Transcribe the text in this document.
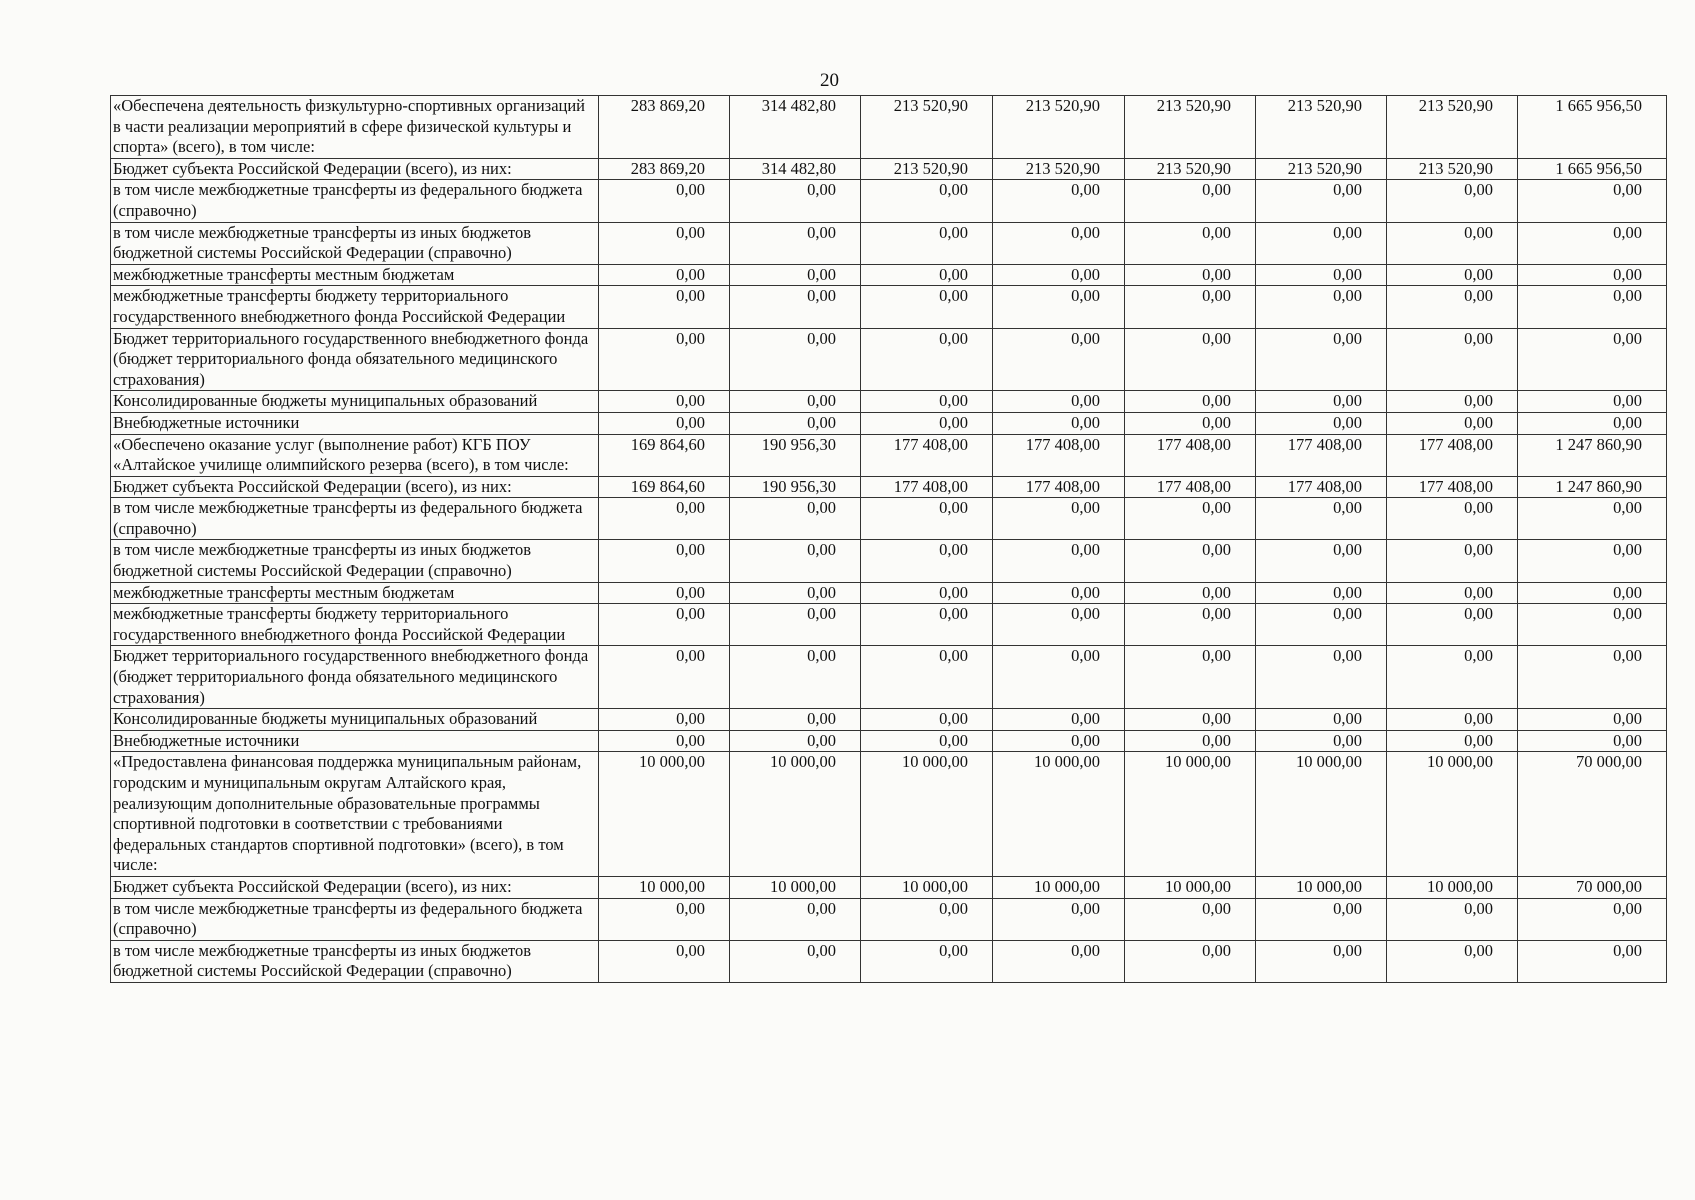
20
«Обеспечена деятельность физкультурно-спортивных организаций в части реализации мероприятий в сфере физической культуры и спорта» (всего), в том числе:	283 869,20	314 482,80	213 520,90	213 520,90	213 520,90	213 520,90	213 520,90	1 665 956,50
Бюджет субъекта Российской Федерации (всего), из них:	283 869,20	314 482,80	213 520,90	213 520,90	213 520,90	213 520,90	213 520,90	1 665 956,50
в том числе межбюджетные трансферты из федерального бюджета (справочно)	0,00	0,00	0,00	0,00	0,00	0,00	0,00	0,00
в том числе межбюджетные трансферты из иных бюджетов бюджетной системы Российской Федерации (справочно)	0,00	0,00	0,00	0,00	0,00	0,00	0,00	0,00
межбюджетные трансферты местным бюджетам	0,00	0,00	0,00	0,00	0,00	0,00	0,00	0,00
межбюджетные трансферты бюджету территориального государственного внебюджетного фонда Российской Федерации	0,00	0,00	0,00	0,00	0,00	0,00	0,00	0,00
Бюджет территориального государственного внебюджетного фонда (бюджет территориального фонда обязательного медицинского страхования)	0,00	0,00	0,00	0,00	0,00	0,00	0,00	0,00
Консолидированные бюджеты муниципальных образований	0,00	0,00	0,00	0,00	0,00	0,00	0,00	0,00
Внебюджетные источники	0,00	0,00	0,00	0,00	0,00	0,00	0,00	0,00
«Обеспечено оказание услуг (выполнение работ) КГБ ПОУ «Алтайское училище олимпийского резерва (всего), в том числе:	169 864,60	190 956,30	177 408,00	177 408,00	177 408,00	177 408,00	177 408,00	1 247 860,90
Бюджет субъекта Российской Федерации (всего), из них:	169 864,60	190 956,30	177 408,00	177 408,00	177 408,00	177 408,00	177 408,00	1 247 860,90
в том числе межбюджетные трансферты из федерального бюджета (справочно)	0,00	0,00	0,00	0,00	0,00	0,00	0,00	0,00
в том числе межбюджетные трансферты из иных бюджетов бюджетной системы Российской Федерации (справочно)	0,00	0,00	0,00	0,00	0,00	0,00	0,00	0,00
межбюджетные трансферты местным бюджетам	0,00	0,00	0,00	0,00	0,00	0,00	0,00	0,00
межбюджетные трансферты бюджету территориального государственного внебюджетного фонда Российской Федерации	0,00	0,00	0,00	0,00	0,00	0,00	0,00	0,00
Бюджет территориального государственного внебюджетного фонда (бюджет территориального фонда обязательного медицинского страхования)	0,00	0,00	0,00	0,00	0,00	0,00	0,00	0,00
Консолидированные бюджеты муниципальных образований	0,00	0,00	0,00	0,00	0,00	0,00	0,00	0,00
Внебюджетные источники	0,00	0,00	0,00	0,00	0,00	0,00	0,00	0,00
«Предоставлена финансовая поддержка муниципальным районам, городским и муниципальным округам Алтайского края, реализующим дополнительные образовательные программы спортивной подготовки в соответствии с требованиями федеральных стандартов спортивной подготовки» (всего), в том числе:	10 000,00	10 000,00	10 000,00	10 000,00	10 000,00	10 000,00	10 000,00	70 000,00
Бюджет субъекта Российской Федерации (всего), из них:	10 000,00	10 000,00	10 000,00	10 000,00	10 000,00	10 000,00	10 000,00	70 000,00
в том числе межбюджетные трансферты из федерального бюджета (справочно)	0,00	0,00	0,00	0,00	0,00	0,00	0,00	0,00
в том числе межбюджетные трансферты из иных бюджетов бюджетной системы Российской Федерации (справочно)	0,00	0,00	0,00	0,00	0,00	0,00	0,00	0,00
